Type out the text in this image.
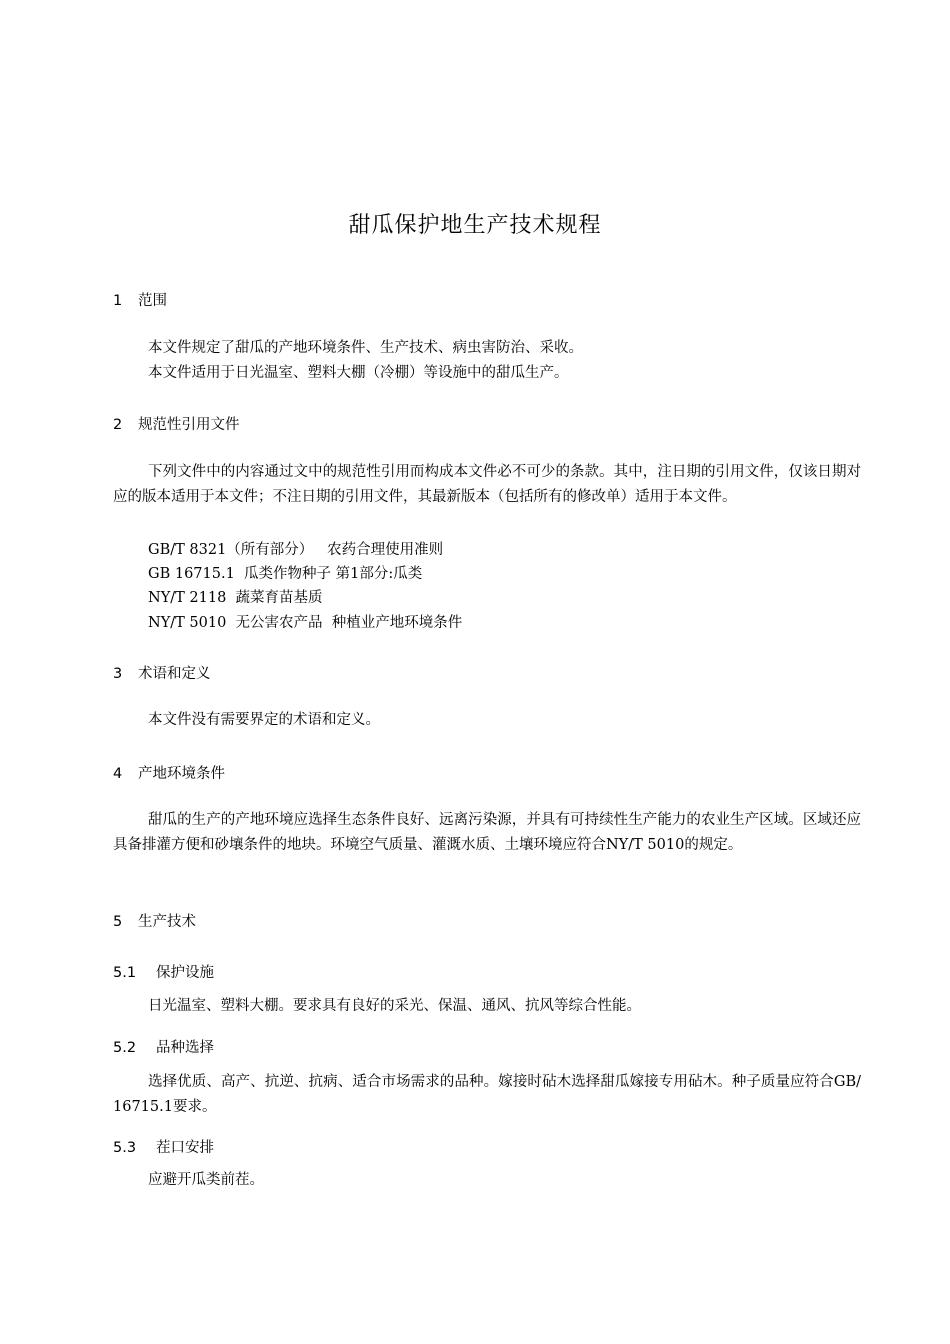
甜瓜保护地生产技术规程
1 范围
本文件规定了甜瓜的产地环境条件、生产技术、病虫害防治、采收。
本文件适用于日光温室、塑料大棚（冷棚）等设施中的甜瓜生产。
2 规范性引用文件
下列文件中的内容通过文中的规范性引用而构成本文件必不可少的条款。其中，注日期的引用文件，仅该日期对应的版本适用于本文件；不注日期的引用文件，其最新版本（包括所有的修改单）适用于本文件。
GB/T 8321（所有部分）   农药合理使用准则
GB 16715.1  瓜类作物种子 第1部分:瓜类
NY/T 2118  蔬菜育苗基质
NY/T 5010  无公害农产品  种植业产地环境条件
3 术语和定义
本文件没有需要界定的术语和定义。
4 产地环境条件
甜瓜的生产的产地环境应选择生态条件良好、远离污染源，并具有可持续性生产能力的农业生产区域。区域还应具备排灌方便和砂壤条件的地块。环境空气质量、灌溉水质、土壤环境应符合NY/T 5010的规定。
5 生产技术
5.1 保护设施
日光温室、塑料大棚。要求具有良好的采光、保温、通风、抗风等综合性能。
5.2 品种选择
选择优质、高产、抗逆、抗病、适合市场需求的品种。嫁接时砧木选择甜瓜嫁接专用砧木。种子质量应符合GB/ 16715.1要求。
5.3 茬口安排
应避开瓜类前茬。
